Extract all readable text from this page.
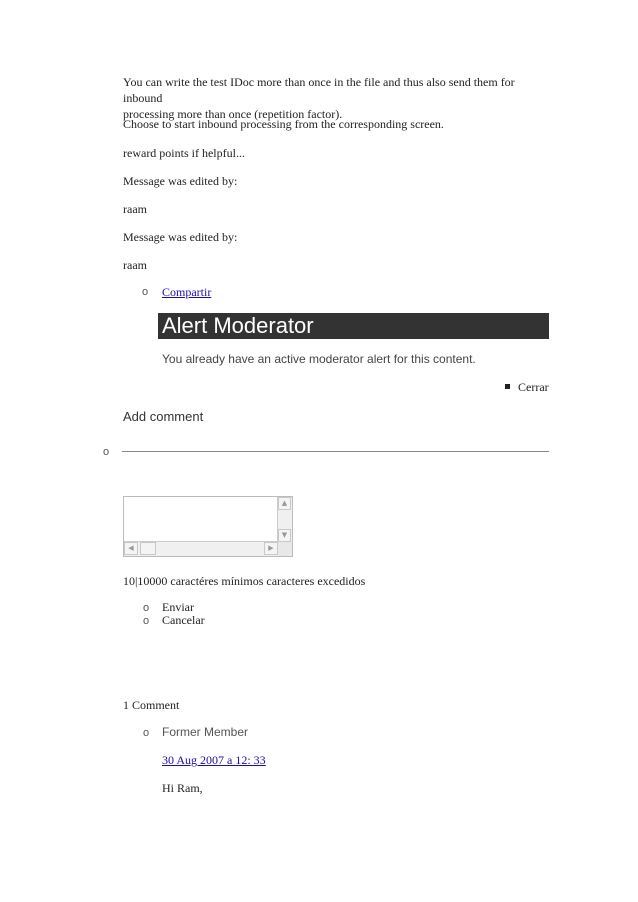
You can write the test IDoc more than once in the file and thus also send them for inbound
processing more than once (repetition factor).
Choose to start inbound processing from the corresponding screen.
reward points if helpful...
Message was edited by:
raam
Message was edited by:
raam
o Compartir
Alert Moderator
You already have an active moderator alert for this content.
Cerrar
Add comment
o
▲
▼
◀	▶
10|10000 caractéres mínimos caracteres excedidos
o Enviar
o Cancelar
1 Comment
o Former Member
30 Aug 2007 a 12: 33
Hi Ram,
